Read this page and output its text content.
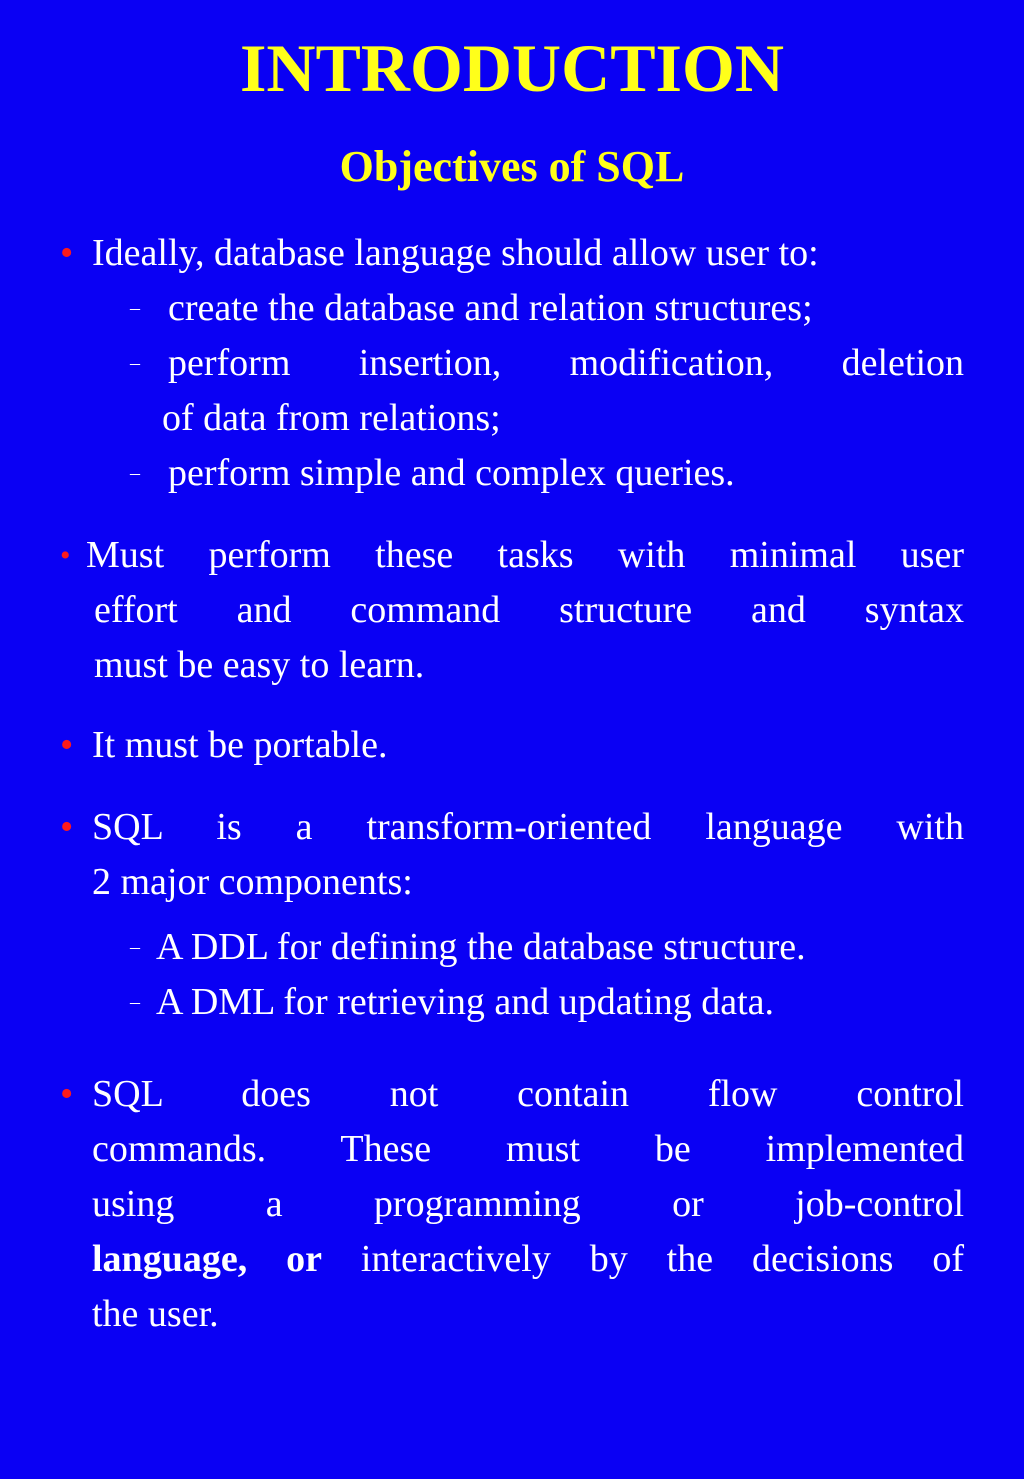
INTRODUCTION
Objectives of SQL
• Ideally, database language should allow user to:
– create the database and relation structures;
– perform insertion, modification, deletion
of data from relations;
– perform simple and complex queries.
• Must perform these tasks with minimal user
effort and command structure and syntax
must be easy to learn.
• It must be portable.
• SQL is a transform-oriented language with
2 major components:
– A DDL for defining the database structure.
– A DML for retrieving and updating data.
• SQL does not contain flow control
commands. These must be implemented
using a programming or job-control
language, or interactively by the decisions of
the user.
